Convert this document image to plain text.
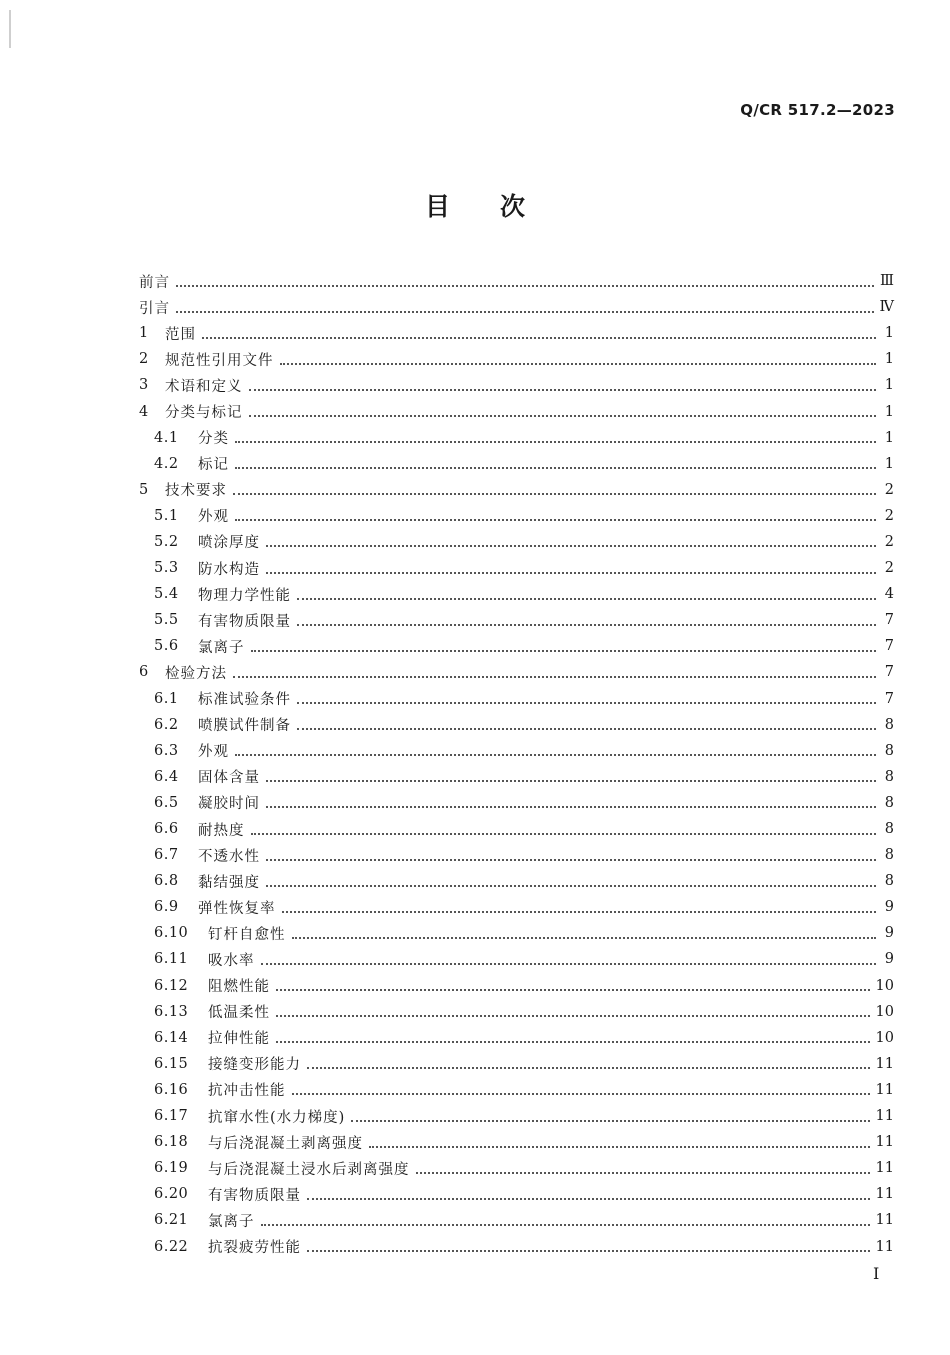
Q/CR 517.2—2023
目 次
前言	Ⅲ
引言	Ⅳ
1	范围	1
2	规范性引用文件	1
3	术语和定义	1
4	分类与标记	1
4.1	分类	1
4.2	标记	1
5	技术要求	2
5.1	外观	2
5.2	喷涂厚度	2
5.3	防水构造	2
5.4	物理力学性能	4
5.5	有害物质限量	7
5.6	氯离子	7
6	检验方法	7
6.1	标准试验条件	7
6.2	喷膜试件制备	8
6.3	外观	8
6.4	固体含量	8
6.5	凝胶时间	8
6.6	耐热度	8
6.7	不透水性	8
6.8	黏结强度	8
6.9	弹性恢复率	9
6.10	钉杆自愈性	9
6.11	吸水率	9
6.12	阻燃性能	10
6.13	低温柔性	10
6.14	拉伸性能	10
6.15	接缝变形能力	11
6.16	抗冲击性能	11
6.17	抗窜水性(水力梯度)	11
6.18	与后浇混凝土剥离强度	11
6.19	与后浇混凝土浸水后剥离强度	11
6.20	有害物质限量	11
6.21	氯离子	11
6.22	抗裂疲劳性能	11
I
